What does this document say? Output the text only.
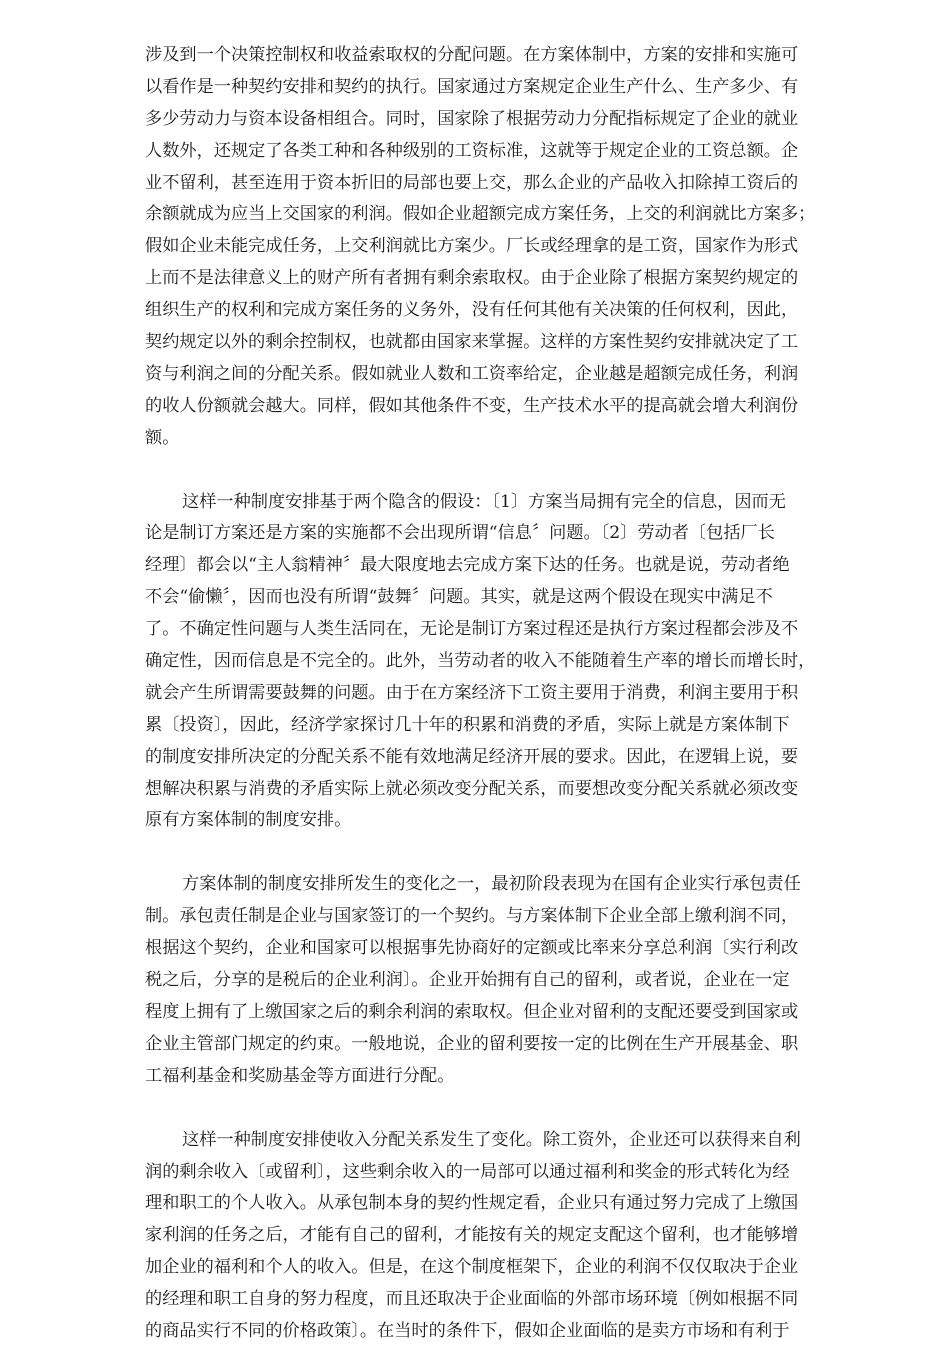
涉及到一个决策控制权和收益索取权的分配问题。在方案体制中，方案的安排和实施可
以看作是一种契约安排和契约的执行。国家通过方案规定企业生产什么、生产多少、有
多少劳动力与资本设备相组合。同时，国家除了根据劳动力分配指标规定了企业的就业
人数外，还规定了各类工种和各种级别的工资标准，这就等于规定企业的工资总额。企
业不留利，甚至连用于资本折旧的局部也要上交，那么企业的产品收入扣除掉工资后的
余额就成为应当上交国家的利润。假如企业超额完成方案任务，上交的利润就比方案多；
假如企业未能完成任务，上交利润就比方案少。厂长或经理拿的是工资，国家作为形式
上而不是法律意义上的财产所有者拥有剩余索取权。由于企业除了根据方案契约规定的
组织生产的权利和完成方案任务的义务外，没有任何其他有关决策的任何权利，因此，
契约规定以外的剩余控制权，也就都由国家来掌握。这样的方案性契约安排就决定了工
资与利润之间的分配关系。假如就业人数和工资率给定，企业越是超额完成任务，利润
的收人份额就会越大。同样，假如其他条件不变，生产技术水平的提高就会增大利润份
额。
这样一种制度安排基于两个隐含的假设：〔1〕方案当局拥有完全的信息，因而无
论是制订方案还是方案的实施都不会出现所谓“信息〞问题。〔2〕劳动者〔包括厂长
经理〕都会以“主人翁精神〞最大限度地去完成方案下达的任务。也就是说，劳动者绝
不会“偷懒〞，因而也没有所谓“鼓舞〞问题。其实，就是这两个假设在现实中满足不
了。不确定性问题与人类生活同在，无论是制订方案过程还是执行方案过程都会涉及不
确定性，因而信息是不完全的。此外，当劳动者的收入不能随着生产率的增长而增长时，
就会产生所谓需要鼓舞的问题。由于在方案经济下工资主要用于消费，利润主要用于积
累〔投资〕，因此，经济学家探讨几十年的积累和消费的矛盾，实际上就是方案体制下
的制度安排所决定的分配关系不能有效地满足经济开展的要求。因此，在逻辑上说，要
想解决积累与消费的矛盾实际上就必须改变分配关系，而要想改变分配关系就必须改变
原有方案体制的制度安排。
方案体制的制度安排所发生的变化之一，最初阶段表现为在国有企业实行承包责任
制。承包责任制是企业与国家签订的一个契约。与方案体制下企业全部上缴利润不同，
根据这个契约，企业和国家可以根据事先协商好的定额或比率来分享总利润〔实行利改
税之后，分享的是税后的企业利润〕。企业开始拥有自己的留利，或者说，企业在一定
程度上拥有了上缴国家之后的剩余利润的索取权。但企业对留利的支配还要受到国家或
企业主管部门规定的约束。一般地说，企业的留利要按一定的比例在生产开展基金、职
工福利基金和奖励基金等方面进行分配。
这样一种制度安排使收入分配关系发生了变化。除工资外，企业还可以获得来自利
润的剩余收入〔或留利〕，这些剩余收入的一局部可以通过福利和奖金的形式转化为经
理和职工的个人收入。从承包制本身的契约性规定看，企业只有通过努力完成了上缴国
家利润的任务之后，才能有自己的留利，才能按有关的规定支配这个留利，也才能够增
加企业的福利和个人的收入。但是，在这个制度框架下，企业的利润不仅仅取决于企业
的经理和职工自身的努力程度，而且还取决于企业面临的外部市场环境〔例如根据不同
的商品实行不同的价格政策〕。在当时的条件下，假如企业面临的是卖方市场和有利于
